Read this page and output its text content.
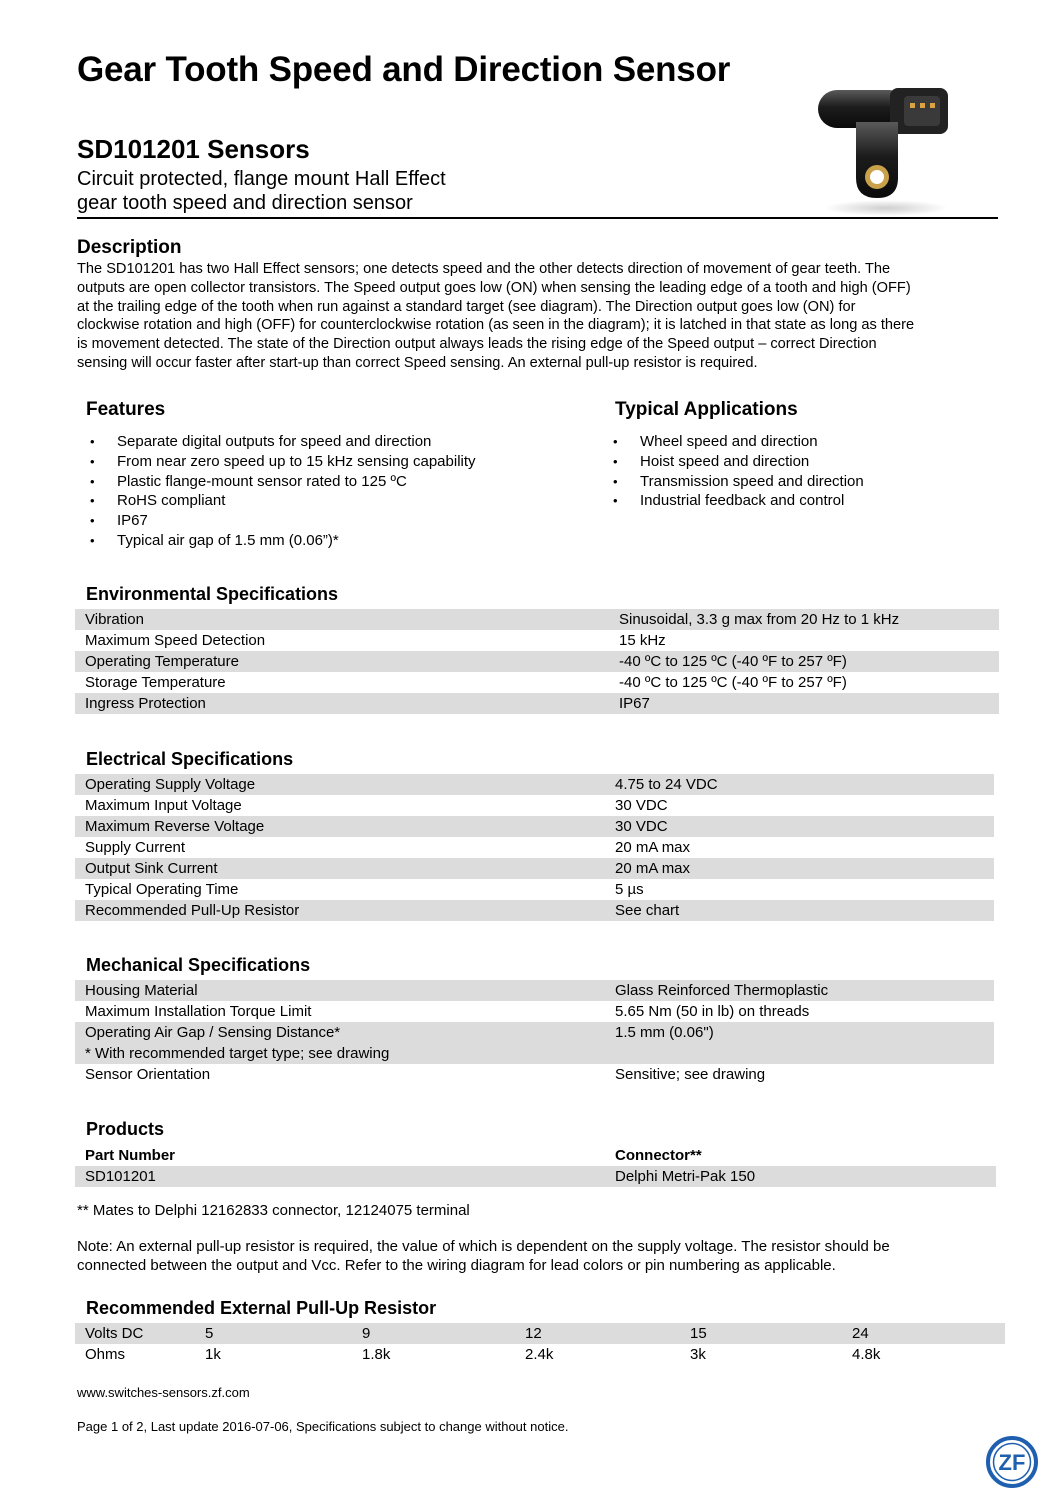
Gear Tooth Speed and Direction Sensor
SD101201 Sensors
Circuit protected, flange mount Hall Effect
gear tooth speed and direction sensor
Description
The SD101201 has two Hall Effect sensors; one detects speed and the other detects direction of movement of gear teeth. The
outputs are open collector transistors. The Speed output goes low (ON) when sensing the leading edge of a tooth and high (OFF)
at the trailing edge of the tooth when run against a standard target (see diagram). The Direction output goes low (ON) for
clockwise rotation and high (OFF) for counterclockwise rotation (as seen in the diagram); it is latched in that state as long as there
is movement detected. The state of the Direction output always leads the rising edge of the Speed output – correct Direction
sensing will occur faster after start-up than correct Speed sensing. An external pull-up resistor is required.
Features
• Separate digital outputs for speed and direction
• From near zero speed up to 15 kHz sensing capability
• Plastic flange-mount sensor rated to 125 ºC
• RoHS compliant
• IP67
• Typical air gap of 1.5 mm (0.06”)*
Typical Applications
• Wheel speed and direction
• Hoist speed and direction
• Transmission speed and direction
• Industrial feedback and control
Environmental Specifications
Vibration	Sinusoidal, 3.3 g max from 20 Hz to 1 kHz
Maximum Speed Detection	15 kHz
Operating Temperature	-40 ºC to 125 ºC (-40 ºF to 257 ºF)
Storage Temperature	-40 ºC to 125 ºC (-40 ºF to 257 ºF)
Ingress Protection	IP67
Electrical Specifications
Operating Supply Voltage	4.75 to 24 VDC
Maximum Input Voltage	30 VDC
Maximum Reverse Voltage	30 VDC
Supply Current	20 mA max
Output Sink Current	20 mA max
Typical Operating Time	5 µs
Recommended Pull-Up Resistor	See chart
Mechanical Specifications
Housing Material	Glass Reinforced Thermoplastic
Maximum Installation Torque Limit	5.65 Nm (50 in lb) on threads
Operating Air Gap / Sensing Distance*	1.5 mm (0.06")
* With recommended target type; see drawing
Sensor Orientation	Sensitive; see drawing
Products
Part Number	Connector**
SD101201	Delphi Metri-Pak 150
** Mates to Delphi 12162833 connector, 12124075 terminal
Note: An external pull-up resistor is required, the value of which is dependent on the supply voltage. The resistor should be
connected between the output and Vcc. Refer to the wiring diagram for lead colors or pin numbering as applicable.
Recommended External Pull-Up Resistor
Volts DC	5	9	12	15	24
Ohms	1k	1.8k	2.4k	3k	4.8k
www.switches-sensors.zf.com
Page 1 of 2, Last update 2016-07-06, Specifications subject to change without notice.
ZF
